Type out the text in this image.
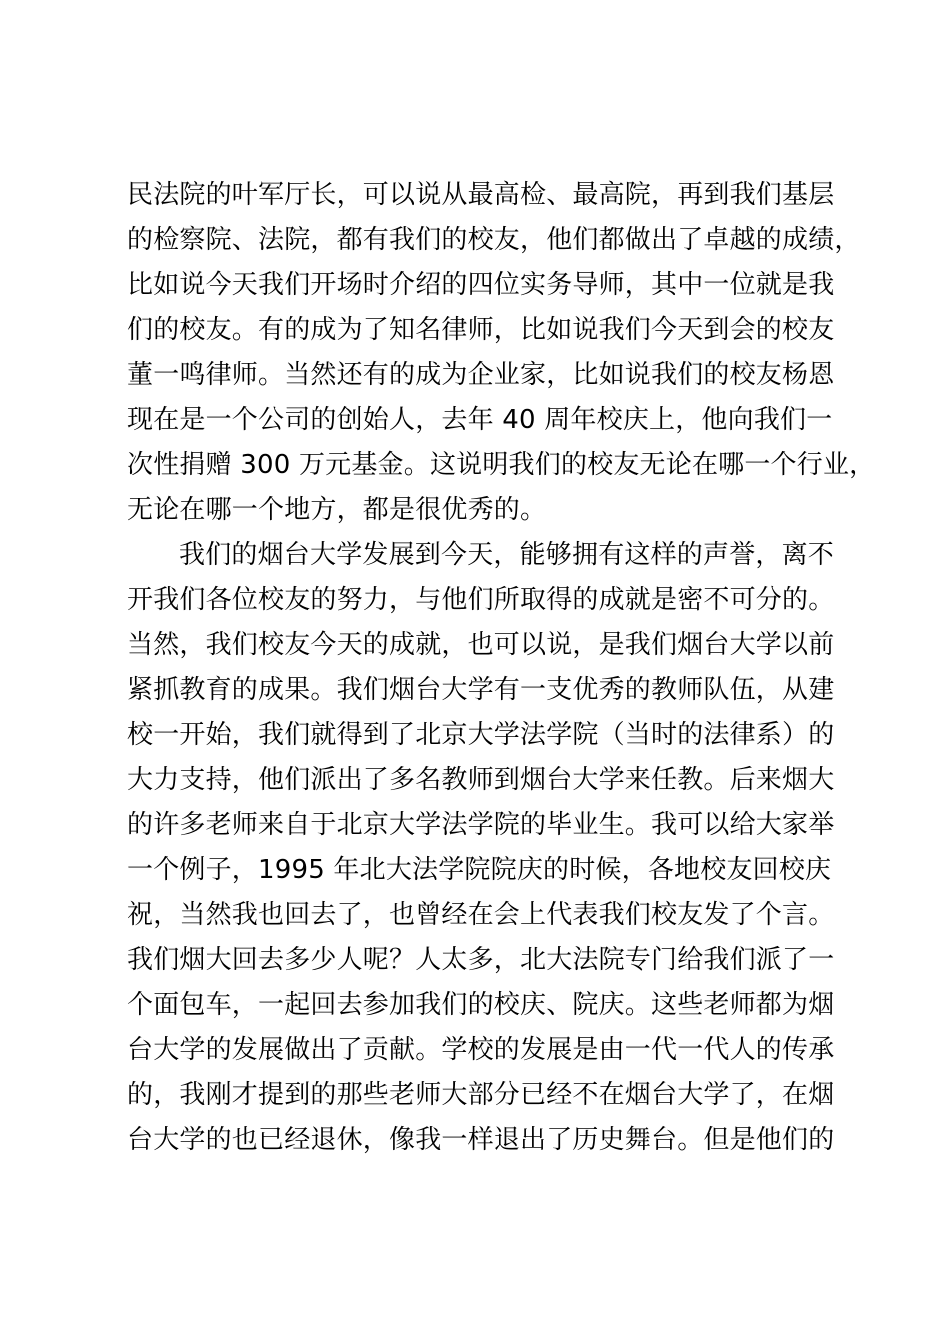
民法院的叶军厅长，可以说从最高检、最高院，再到我们基层
的检察院、法院，都有我们的校友，他们都做出了卓越的成绩，
比如说今天我们开场时介绍的四位实务导师，其中一位就是我
们的校友。有的成为了知名律师，比如说我们今天到会的校友
董一鸣律师。当然还有的成为企业家，比如说我们的校友杨恩
现在是一个公司的创始人，去年 40 周年校庆上，他向我们一
次性捐赠 300 万元基金。这说明我们的校友无论在哪一个行业，
无论在哪一个地方，都是很优秀的。
我们的烟台大学发展到今天，能够拥有这样的声誉，离不
开我们各位校友的努力，与他们所取得的成就是密不可分的。
当然，我们校友今天的成就，也可以说，是我们烟台大学以前
紧抓教育的成果。我们烟台大学有一支优秀的教师队伍，从建
校一开始，我们就得到了北京大学法学院（当时的法律系）的
大力支持，他们派出了多名教师到烟台大学来任教。后来烟大
的许多老师来自于北京大学法学院的毕业生。我可以给大家举
一个例子，1995 年北大法学院院庆的时候，各地校友回校庆
祝，当然我也回去了，也曾经在会上代表我们校友发了个言。
我们烟大回去多少人呢？人太多，北大法院专门给我们派了一
个面包车，一起回去参加我们的校庆、院庆。这些老师都为烟
台大学的发展做出了贡献。学校的发展是由一代一代人的传承
的，我刚才提到的那些老师大部分已经不在烟台大学了，在烟
台大学的也已经退休，像我一样退出了历史舞台。但是他们的
